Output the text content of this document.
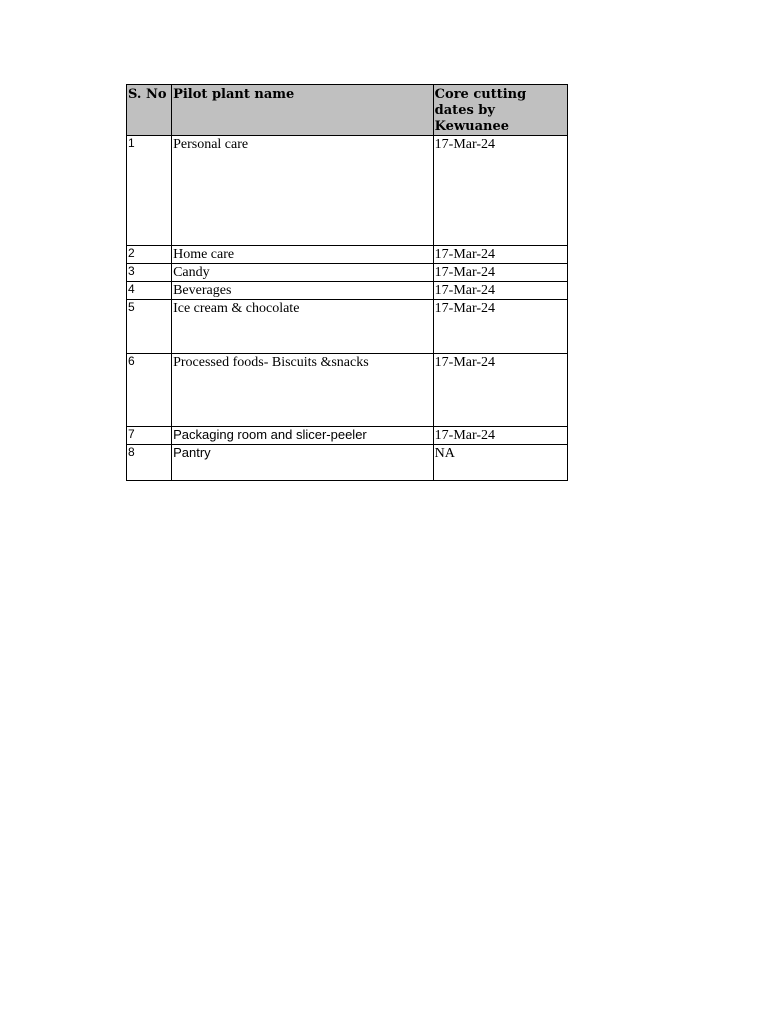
S. No	Pilot plant name	Core cutting dates by Kewuanee
1	Personal care	17-Mar-24
2	Home care	17-Mar-24
3	Candy	17-Mar-24
4	Beverages	17-Mar-24
5	Ice cream & chocolate	17-Mar-24
6	Processed foods- Biscuits &snacks	17-Mar-24
7	Packaging room and slicer-peeler	17-Mar-24
8	Pantry	NA
